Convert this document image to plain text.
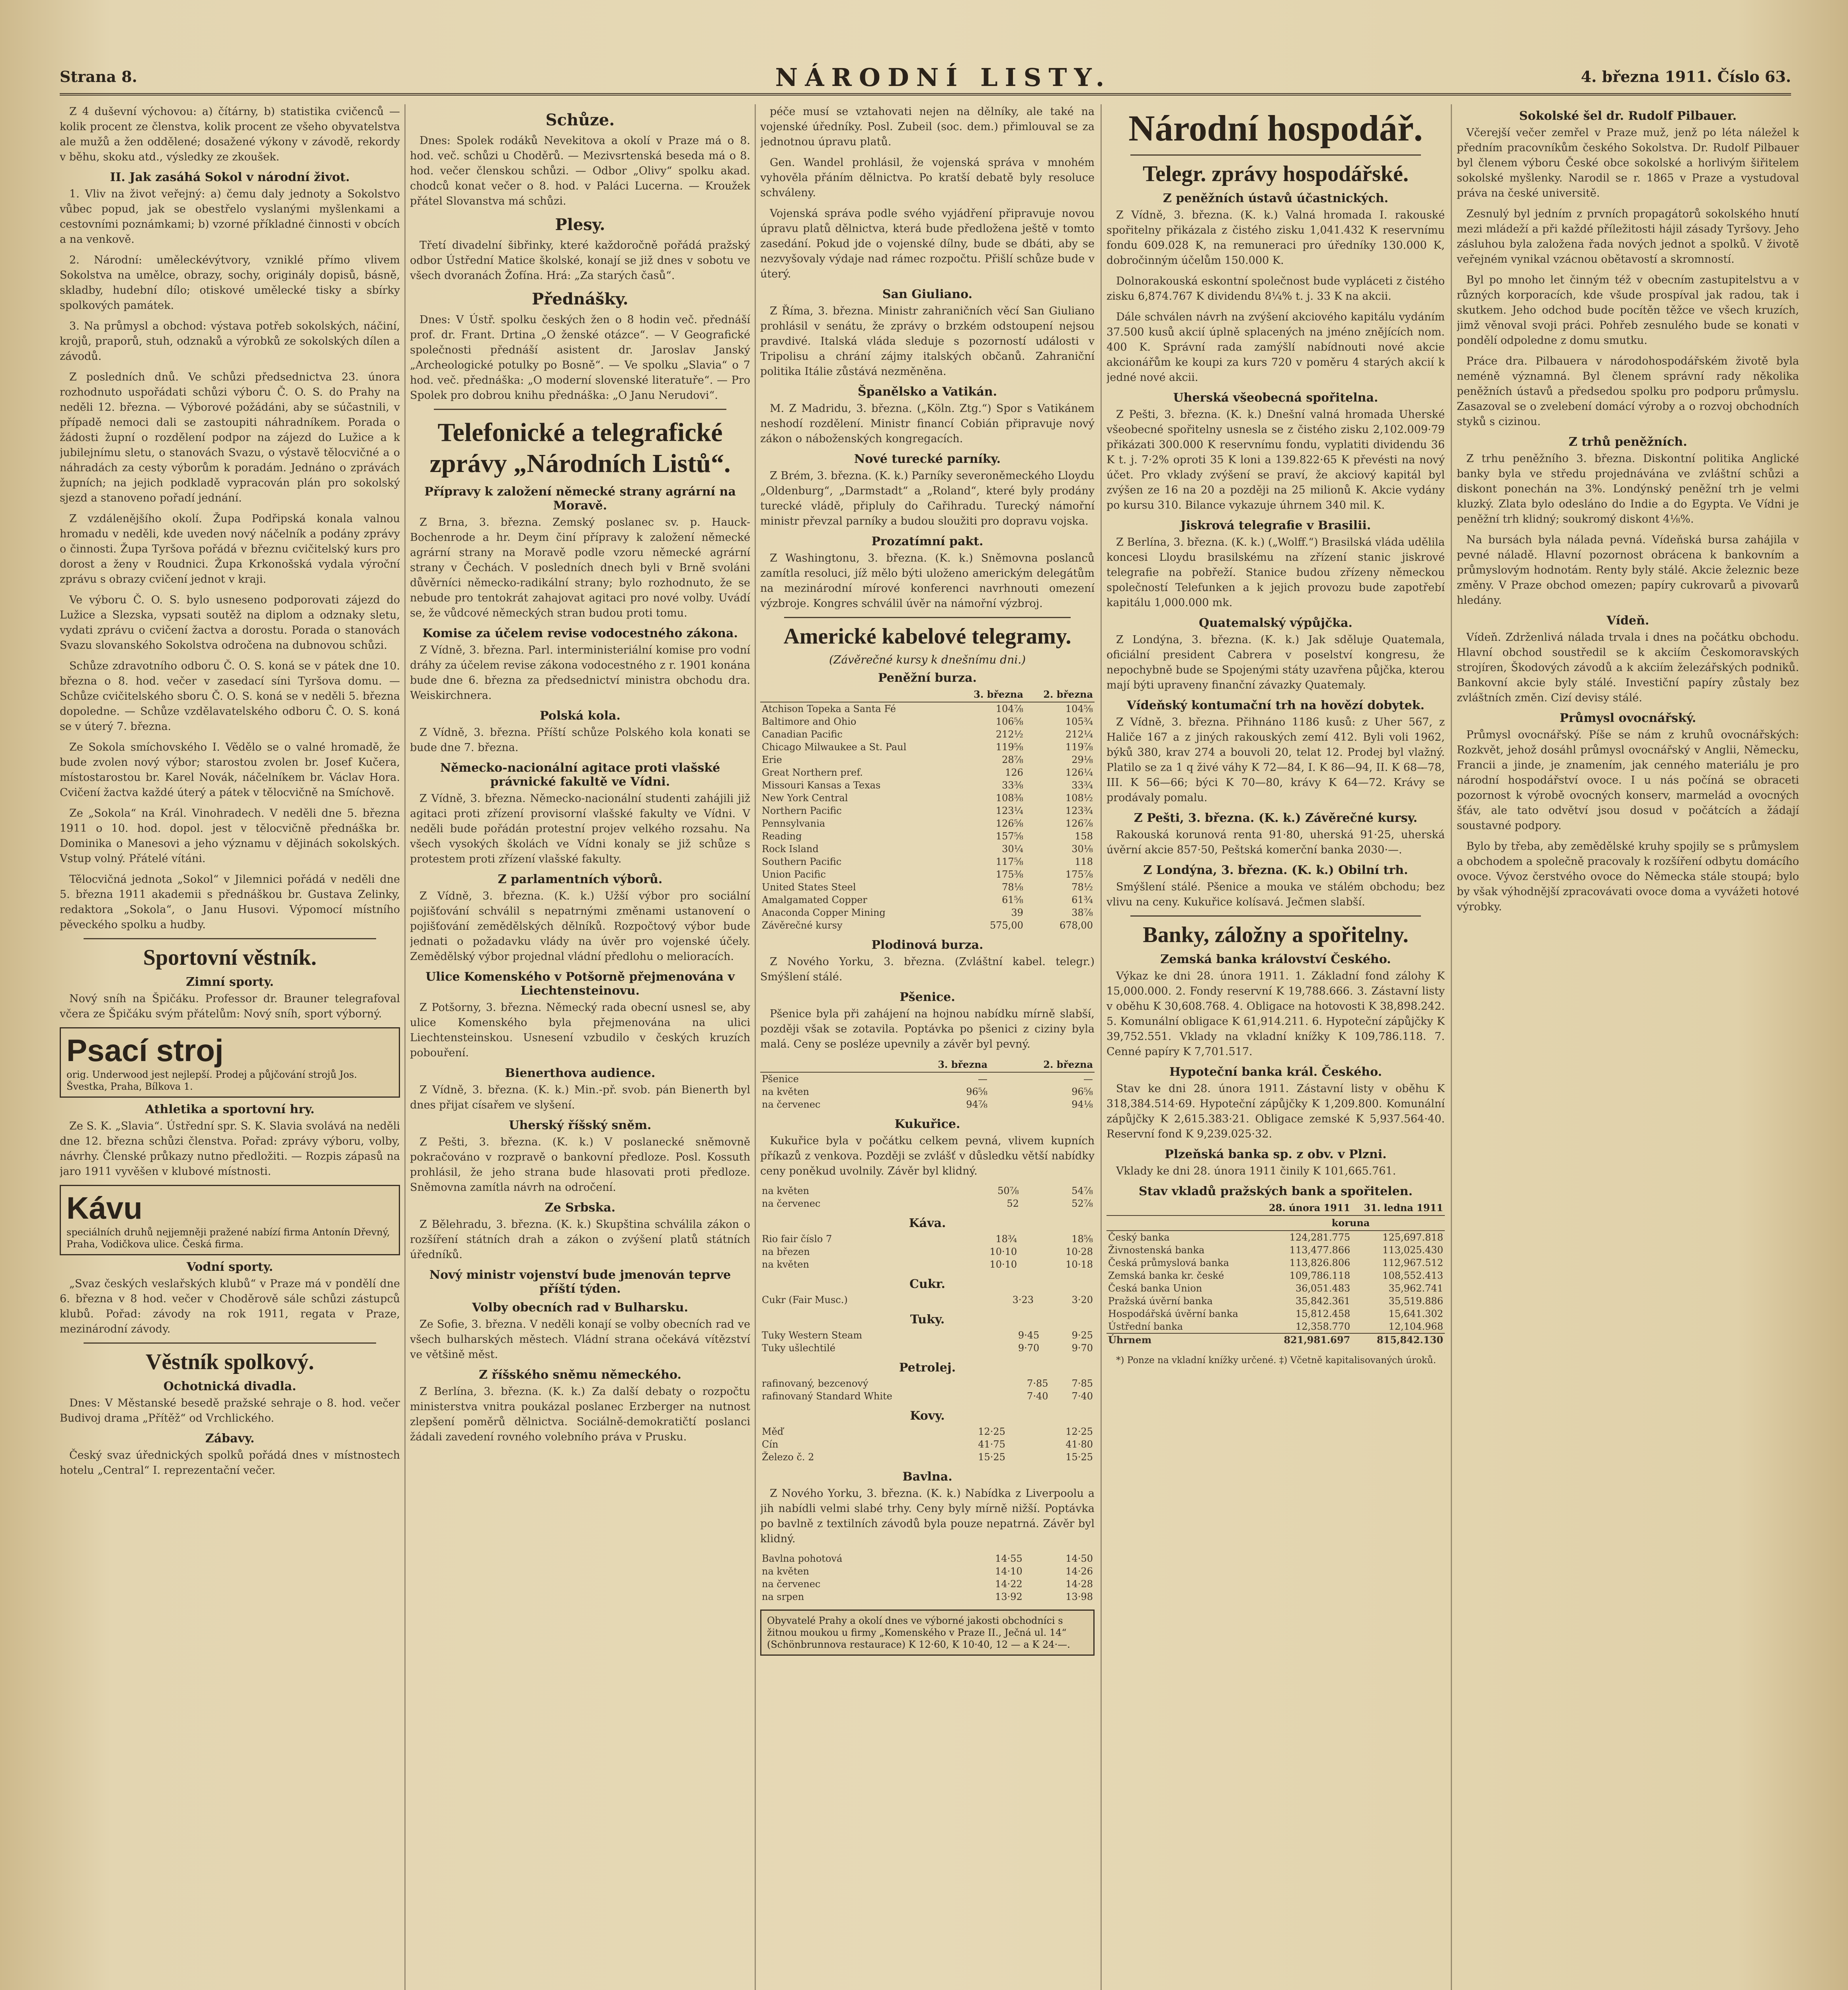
Strana 8.	NÁRODNÍ LISTY.	4. března 1911. Číslo 63.

Z 4 duševní výchovou: a) čítárny, b) statistika cvičenců — kolik procent ze členstva, kolik procent ze všeho obyvatelstva ale mužů a žen oddělené; dosažené výkony v závodě, rekordy v běhu, skoku atd., výsledky ze zkoušek.

II. Jak zasáhá Sokol v národní život.

1. Vliv na život veřejný: a) čemu daly jednoty a Sokolstvo vůbec popud, jak se obestřelo vyslanými myšlenkami a cestovními poznámkami; b) vzorné příkladné činnosti v obcích a na venkově.

2. Národní: uměleckévýtvory, vzniklé přímo vlivem Sokolstva na umělce, obrazy, sochy, originály dopisů, básně, skladby, hudební dílo; otiskové umělecké tisky a sbírky spolkových památek.

3. Na průmysl a obchod: výstava potřeb sokolských, náčiní, krojů, praporů, stuh, odznaků a výrobků ze sokolských dílen a závodů.

Z posledních dnů. Ve schůzi předsednictva 23. února rozhodnuto uspořádati schůzi výboru Č. O. S. do Prahy na neděli 12. března. — Výborové požádáni, aby se súčastnili, v případě nemoci dali se zastoupiti náhradníkem. Porada o žádosti župní o rozdělení podpor na zájezd do Lužice a k jubilejnímu sletu, o stanovách Svazu, o výstavě tělocvičné a o náhradách za cesty výborům k poradám. Jednáno o zprávách župních; na jejich podkladě vypracován plán pro sokolský sjezd a stanoveno pořadí jednání.

Z vzdálenějšího okolí. Župa Podřipská konala valnou hromadu v neděli, kde uveden nový náčelník a podány zprávy o činnosti. Župa Tyršova pořádá v březnu cvičitelský kurs pro dorost a ženy v Roudnici. Župa Krkonošská vydala výroční zprávu s obrazy cvičení jednot v kraji.

Ve výboru Č. O. S. bylo usneseno podporovati zájezd do Lužice a Slezska, vypsati soutěž na diplom a odznaky sletu, vydati zprávu o cvičení žactva a dorostu. Porada o stanovách Svazu slovanského Sokolstva odročena na dubnovou schůzi.

Schůze zdravotního odboru Č. O. S. koná se v pátek dne 10. března o 8. hod. večer v zasedací síni Tyršova domu. — Schůze cvičitelského sboru Č. O. S. koná se v neděli 5. března dopoledne. — Schůze vzdělavatelského odboru Č. O. S. koná se v úterý 7. března.

Ze Sokola smíchovského I. Vědělo se o valné hromadě, že bude zvolen nový výbor; starostou zvolen br. Josef Kučera, místostarostou br. Karel Novák, náčelníkem br. Václav Hora. Cvičení žactva každé úterý a pátek v tělocvičně na Smíchově.

Ze „Sokola“ na Král. Vinohradech. V neděli dne 5. března 1911 o 10. hod. dopol. jest v tělocvičně přednáška br. Dominika o Manesovi a jeho významu v dějinách sokolských. Vstup volný. Přátelé vítáni.

Tělocvičná jednota „Sokol“ v Jilemnici pořádá v neděli dne 5. března 1911 akademii s přednáškou br. Gustava Zelinky, redaktora „Sokola“, o Janu Husovi. Výpomocí místního pěveckého spolku a hudby.

Sportovní věstník.
Zimní sporty.

Nový sníh na Špičáku. Professor dr. Brauner telegrafoval včera ze Špičáku svým přátelům: Nový sníh, sport výborný.

Psací stroj
orig. Underwood jest nejlepší. Prodej a půjčování strojů Jos. Švestka, Praha, Bílkova 1.
Athletika a sportovní hry.

Ze S. K. „Slavia“. Ústřední spr. S. K. Slavia svolává na neděli dne 12. března schůzi členstva. Pořad: zprávy výboru, volby, návrhy. Členské průkazy nutno předložiti. — Rozpis zápasů na jaro 1911 vyvěšen v klubové místnosti.

Kávu
speciálních druhů nejjemněji pražené nabízí firma Antonín Dřevný, Praha, Vodičkova ulice. Česká firma.
Vodní sporty.

„Svaz českých veslařských klubů“ v Praze má v pondělí dne 6. března v 8 hod. večer v Choděrově sále schůzi zástupců klubů. Pořad: závody na rok 1911, regata v Praze, mezinárodní závody.

Věstník spolkový.
Ochotnická divadla.

Dnes: V Městanské besedě pražské sehraje o 8. hod. večer Budivoj drama „Přítěž“ od Vrchlického.

Zábavy.

Český svaz úřednických spolků pořádá dnes v místnostech hotelu „Central“ I. reprezentační večer.

Schůze.

Dnes: Spolek rodáků Nevekitova a okolí v Praze má o 8. hod. več. schůzi u Choděrů. — Mezivsrtenská beseda má o 8. hod. večer členskou schůzi. — Odbor „Olivy“ spolku akad. chodců konat večer o 8. hod. v Paláci Lucerna. — Kroužek přátel Slovanstva má schůzi.

Plesy.

Třetí divadelní šibřinky, které každoročně pořádá pražský odbor Ústřední Matice školské, konají se již dnes v sobotu ve všech dvoranách Žofína. Hrá: „Za starých časů“.

Přednášky.

Dnes: V Ústř. spolku českých žen o 8 hodin več. přednáší prof. dr. Frant. Drtina „O ženské otázce“. — V Geografické společnosti přednáší asistent dr. Jaroslav Janský „Archeologické potulky po Bosně“. — Ve spolku „Slavia“ o 7 hod. več. přednáška: „O moderní slovenské literatuře“. — Pro Spolek pro dobrou knihu přednáška: „O Janu Nerudovi“.

Telefonické a telegrafické zprávy „Národních Listů“.
Přípravy k založení německé strany agrární na Moravě.

Z Brna, 3. března. Zemský poslanec sv. p. Hauck-Bochenrode a hr. Deym činí přípravy k založení německé agrární strany na Moravě podle vzoru německé agrární strany v Čechách. V posledních dnech byli v Brně svoláni důvěrníci německo-radikální strany; bylo rozhodnuto, že se nebude pro tentokrát zahajovat agitaci pro nové volby. Uvádí se, že vůdcové německých stran budou proti tomu.

Komise za účelem revise vodocestného zákona.

Z Vídně, 3. března. Parl. interministeriální komise pro vodní dráhy za účelem revise zákona vodocestného z r. 1901 konána bude dne 6. března za předsednictví ministra obchodu dra. Weiskirchnera.

Polská kola.

Z Vídně, 3. března. Příští schůze Polského kola konati se bude dne 7. března.

Německo-nacionální agitace proti vlašské právnické fakultě ve Vídni.

Z Vídně, 3. března. Německo-nacionální studenti zahájili již agitaci proti zřízení provisorní vlašské fakulty ve Vídni. V neděli bude pořádán protestní projev velkého rozsahu. Na všech vysokých školách ve Vídni konaly se již schůze s protestem proti zřízení vlašské fakulty.

Z parlamentních výborů.

Z Vídně, 3. března. (K. k.) Užší výbor pro sociální pojišťování schválil s nepatrnými změnami ustanovení o pojišťování zemědělských dělníků. Rozpočtový výbor bude jednati o požadavku vlády na úvěr pro vojenské účely. Zemědělský výbor projednal vládní předlohu o melioracích.

Ulice Komenského v Potšorně přejmenována v Liechtensteinovu.

Z Potšorny, 3. března. Německý rada obecní usnesl se, aby ulice Komenského byla přejmenována na ulici Liechtensteinskou. Usnesení vzbudilo v českých kruzích pobouření.

Bienerthova audience.

Z Vídně, 3. března. (K. k.) Min.-př. svob. pán Bienerth byl dnes přijat císařem ve slyšení.

Uherský říšský sněm.

Z Pešti, 3. března. (K. k.) V poslanecké sněmovně pokračováno v rozpravě o bankovní předloze. Posl. Kossuth prohlásil, že jeho strana bude hlasovati proti předloze. Sněmovna zamítla návrh na odročení.

Ze Srbska.

Z Bělehradu, 3. března. (K. k.) Skupština schválila zákon o rozšíření státních drah a zákon o zvýšení platů státních úředníků.

Nový ministr vojenství bude jmenován teprve příští týden.
Volby obecních rad v Bulharsku.

Ze Sofie, 3. března. V neděli konají se volby obecních rad ve všech bulharských městech. Vládní strana očekává vítězství ve většině měst.

Z říšského sněmu německého.

Z Berlína, 3. března. (K. k.) Za další debaty o rozpočtu ministerstva vnitra poukázal poslanec Erzberger na nutnost zlepšení poměrů dělnictva. Sociálně-demokratičtí poslanci žádali zavedení rovného volebního práva v Prusku.

péče musí se vztahovati nejen na dělníky, ale také na vojenské úředníky. Posl. Zubeil (soc. dem.) přimlouval se za jednotnou úpravu platů.

Gen. Wandel prohlásil, že vojenská správa v mnohém vyhověla přáním dělnictva. Po kratší debatě byly resoluce schváleny.

Vojenská správa podle svého vyjádření připravuje novou úpravu platů dělnictva, která bude předložena ještě v tomto zasedání. Pokud jde o vojenské dílny, bude se dbáti, aby se nezvyšovaly výdaje nad rámec rozpočtu. Přišlí schůze bude v úterý.

San Giuliano.

Z Říma, 3. března. Ministr zahraničních věcí San Giuliano prohlásil v senátu, že zprávy o brzkém odstoupení nejsou pravdivé. Italská vláda sleduje s pozorností události v Tripolisu a chrání zájmy italských občanů. Zahraniční politika Itálie zůstává nezměněna.

Španělsko a Vatikán.

M. Z Madridu, 3. března. („Köln. Ztg.“) Spor s Vatikánem neshodí rozdělení. Ministr financí Cobián připravuje nový zákon o náboženských kongregacích.

Nové turecké parníky.

Z Brém, 3. března. (K. k.) Parníky severoněmeckého Lloydu „Oldenburg“, „Darmstadt“ a „Roland“, které byly prodány turecké vládě, připluly do Cařihradu. Turecký námořní ministr převzal parníky a budou sloužiti pro dopravu vojska.

Prozatímní pakt.

Z Washingtonu, 3. března. (K. k.) Sněmovna poslanců zamítla resoluci, jíž mělo býti uloženo americkým delegátům na mezinárodní mírové konferenci navrhnouti omezení výzbroje. Kongres schválil úvěr na námořní výzbroj.

Americké kabelové telegramy.
(Závěrečné kursy k dnešnímu dni.)
Peněžní burza.
	3. března	2. března
Atchison Topeka a Santa Fé	104⅞	104⅝
Baltimore and Ohio	106⅝	105¾
Canadian Pacific	212½	212¼
Chicago Milwaukee a St. Paul	119⅝	119⅞
Erie	28⅞	29⅛
Great Northern pref.	126	126¼
Missouri Kansas a Texas	33⅜	33¾
New York Central	108⅜	108½
Northern Pacific	123¼	123¾
Pennsylvania	126⅝	126⅞
Reading	157⅝	158
Rock Island	30¼	30⅛
Southern Pacific	117⅝	118
Union Pacific	175⅜	175⅞
United States Steel	78⅛	78½
Amalgamated Copper	61⅝	61¾
Anaconda Copper Mining	39	38⅞
Závěrečné kursy	575,00	678,00
Plodinová burza.

Z Nového Yorku, 3. března. (Zvláštní kabel. telegr.) Smýšlení stálé.

Pšenice.

Pšenice byla při zahájení na hojnou nabídku mírně slabší, později však se zotavila. Poptávka po pšenici z ciziny byla malá. Ceny se posléze upevnily a závěr byl pevný.

	3. března	2. března
Pšenice	—	—
na květen	96⅝	96⅝
na červenec	94⅞	94⅛
Kukuřice.

Kukuřice byla v počátku celkem pevná, vlivem kupních příkazů z venkova. Později se zvlášť v důsledku větší nabídky ceny poněkud uvolnily. Závěr byl klidný.

na květen	50⅞	54⅞
na červenec	52	52⅞
Káva.
Rio fair číslo 7	18¾	18⅝
na březen	10·10	10·28
na květen	10·10	10·18
Cukr.
Cukr (Fair Musc.)	3·23	3·20
Tuky.
Tuky Western Steam	9·45	9·25
Tuky ušlechtilé	9·70	9·70
Petrolej.
rafinovaný, bezcenový	7·85	7·85
rafinovaný Standard White	7·40	7·40
Kovy.
Měď	12·25	12·25
Cín	41·75	41·80
Železo č. 2	15·25	15·25
Bavlna.

Z Nového Yorku, 3. března. (K. k.) Nabídka z Liverpoolu a jih nabídli velmi slabé trhy. Ceny byly mírně nižší. Poptávka po bavlně z textilních závodů byla pouze nepatrná. Závěr byl klidný.

Bavlna pohotová	14·55	14·50
na květen	14·10	14·26
na červenec	14·22	14·28
na srpen	13·92	13·98
Obyvatelé Prahy a okolí dnes ve výborné jakosti obchodníci s žitnou moukou u firmy „Komenského v Praze II., Ječná ul. 14“ (Schönbrunnova restaurace) K 12·60, K 10·40, 12 — a K 24·—.
Národní hospodář.
Telegr. zprávy hospodářské.
Z peněžních ústavů účastnických.

Z Vídně, 3. března. (K. k.) Valná hromada I. rakouské spořitelny přikázala z čistého zisku 1,041.432 K reservnímu fondu 609.028 K, na remuneraci pro úředníky 130.000 K, dobročinným účelům 150.000 K.

Dolnorakouská eskontní společnost bude vypláceti z čistého zisku 6,874.767 K dividendu 8¼% t. j. 33 K na akcii.

Dále schválen návrh na zvýšení akciového kapitálu vydáním 37.500 kusů akcií úplně splacených na jméno znějících nom. 400 K. Správní rada zamýšlí nabídnouti nové akcie akcionářům ke koupi za kurs 720 v poměru 4 starých akcií k jedné nové akcii.

Uherská všeobecná spořitelna.

Z Pešti, 3. března. (K. k.) Dnešní valná hromada Uherské všeobecné spořitelny usnesla se z čistého zisku 2,102.009·79 přikázati 300.000 K reservnímu fondu, vyplatiti dividendu 36 K t. j. 7·2% oproti 35 K loni a 139.822·65 K převésti na nový účet. Pro vklady zvýšení se praví, že akciový kapitál byl zvýšen ze 16 na 20 a později na 25 milionů K. Akcie vydány po kursu 310. Bilance vykazuje úhrnem 340 mil. K.

Jiskrová telegrafie v Brasilii.

Z Berlína, 3. března. (K. k.) („Wolff.“) Brasilská vláda udělila koncesi Lloydu brasilskému na zřízení stanic jiskrové telegrafie na pobřeží. Stanice budou zřízeny německou společností Telefunken a k jejich provozu bude zapotřebí kapitálu 1,000.000 mk.

Quatemalský výpůjčka.

Z Londýna, 3. března. (K. k.) Jak sděluje Quatemala, oficiální president Cabrera v poselství kongresu, že nepochybně bude se Spojenými státy uzavřena půjčka, kterou mají býti upraveny finanční závazky Quatemaly.

Vídeňský kontumační trh na hovězí dobytek.

Z Vídně, 3. března. Přihnáno 1186 kusů: z Uher 567, z Haliče 167 a z jiných rakouských zemí 412. Byli voli 1962, býků 380, krav 274 a bouvoli 20, telat 12. Prodej byl vlažný. Platilo se za 1 q živé váhy K 72—84, I. K 86—94, II. K 68—78, III. K 56—66; býci K 70—80, krávy K 64—72. Krávy se prodávaly pomalu.

Z Pešti, 3. března. (K. k.) Závěrečné kursy.

Rakouská korunová renta 91·80, uherská 91·25, uherská úvěrní akcie 857·50, Peštská komerční banka 2030·—.

Z Londýna, 3. března. (K. k.) Obilní trh.

Smýšlení stálé. Pšenice a mouka ve stálém obchodu; bez vlivu na ceny. Kukuřice kolísavá. Ječmen slabší.

Banky, záložny a spořitelny.
Zemská banka království Českého.

Výkaz ke dni 28. února 1911. 1. Základní fond zálohy K 15,000.000. 2. Fondy reservní K 19,788.666. 3. Zástavní listy v oběhu K 30,608.768. 4. Obligace na hotovosti K 38,898.242. 5. Komunální obligace K 61,914.211. 6. Hypoteční zápůjčky K 39,752.551. Vklady na vkladní knížky K 109,786.118. 7. Cenné papíry K 7,701.517.

Hypoteční banka král. Českého.

Stav ke dni 28. února 1911. Zástavní listy v oběhu K 318,384.514·69. Hypoteční zápůjčky K 1,209.800. Komunální zápůjčky K 2,615.383·21. Obligace zemské K 5,937.564·40. Reservní fond K 9,239.025·32.

Plzeňská banka sp. z obv. v Plzni.

Vklady ke dni 28. února 1911 činily K 101,665.761.

Stav vkladů pražských bank a spořitelen.
	28. února 1911	31. ledna 1911
	koruna	
Český banka	124,281.775	125,697.818
Živnostenská banka	113,477.866	113,025.430
Česká průmyslová banka	113,826.806	112,967.512
Zemská banka kr. české	109,786.118	108,552.413
Česká banka Union	36,051.483	35,962.741
Pražská úvěrní banka	35,842.361	35,519.886
Hospodářská úvěrní banka	15,812.458	15,641.302
Ústřední banka	12,358.770	12,104.968
Úhrnem	821,981.697	815,842.130

*) Ponze na vkladní knížky určené. ‡) Včetně kapitalisovaných úroků.

Sokolské šel dr. Rudolf Pilbauer.

Včerejší večer zemřel v Praze muž, jenž po léta náležel k předním pracovníkům českého Sokolstva. Dr. Rudolf Pilbauer byl členem výboru České obce sokolské a horlivým šiřitelem sokolské myšlenky. Narodil se r. 1865 v Praze a vystudoval práva na české universitě.

Zesnulý byl jedním z prvních propagátorů sokolského hnutí mezi mládeží a při každé příležitosti hájil zásady Tyršovy. Jeho zásluhou byla založena řada nových jednot a spolků. V životě veřejném vynikal vzácnou obětavostí a skromností.

Byl po mnoho let činným též v obecním zastupitelstvu a v různých korporacích, kde všude prospíval jak radou, tak i skutkem. Jeho odchod bude pocítěn těžce ve všech kruzích, jimž věnoval svoji práci. Pohřeb zesnulého bude se konati v pondělí odpoledne z domu smutku.

Práce dra. Pilbauera v národohospodářském životě byla neméně významná. Byl členem správní rady několika peněžních ústavů a předsedou spolku pro podporu průmyslu. Zasazoval se o zvelebení domácí výroby a o rozvoj obchodních styků s cizinou.

Z trhů peněžních.

Z trhu peněžního 3. března. Diskontní politika Anglické banky byla ve středu projednávána ve zvláštní schůzi a diskont ponechán na 3%. Londýnský peněžní trh je velmi kluzký. Zlata bylo odesláno do Indie a do Egypta. Ve Vídni je peněžní trh klidný; soukromý diskont 4⅛%.

Na bursách byla nálada pevná. Vídeňská bursa zahájila v pevné náladě. Hlavní pozornost obrácena k bankovním a průmyslovým hodnotám. Renty byly stálé. Akcie železnic beze změny. V Praze obchod omezen; papíry cukrovarů a pivovarů hledány.

Vídeň.

Vídeň. Zdrženlivá nálada trvala i dnes na počátku obchodu. Hlavní obchod soustředil se k akciím Českomoravských strojíren, Škodových závodů a k akciím železářských podniků. Bankovní akcie byly stálé. Investiční papíry zůstaly bez zvláštních změn. Cizí devisy stálé.

Průmysl ovocnářský.

Průmysl ovocnářský. Píše se nám z kruhů ovocnářských: Rozkvět, jehož dosáhl průmysl ovocnářský v Anglii, Německu, Francii a jinde, je znamením, jak cenného materiálu je pro národní hospodářství ovoce. I u nás počíná se obraceti pozornost k výrobě ovocných konserv, marmelád a ovocných šťáv, ale tato odvětví jsou dosud v počátcích a žádají soustavné podpory.

Bylo by třeba, aby zemědělské kruhy spojily se s průmyslem a obchodem a společně pracovaly k rozšíření odbytu domácího ovoce. Vývoz čerstvého ovoce do Německa stále stoupá; bylo by však výhodnější zpracovávati ovoce doma a vyvážeti hotové výrobky.
